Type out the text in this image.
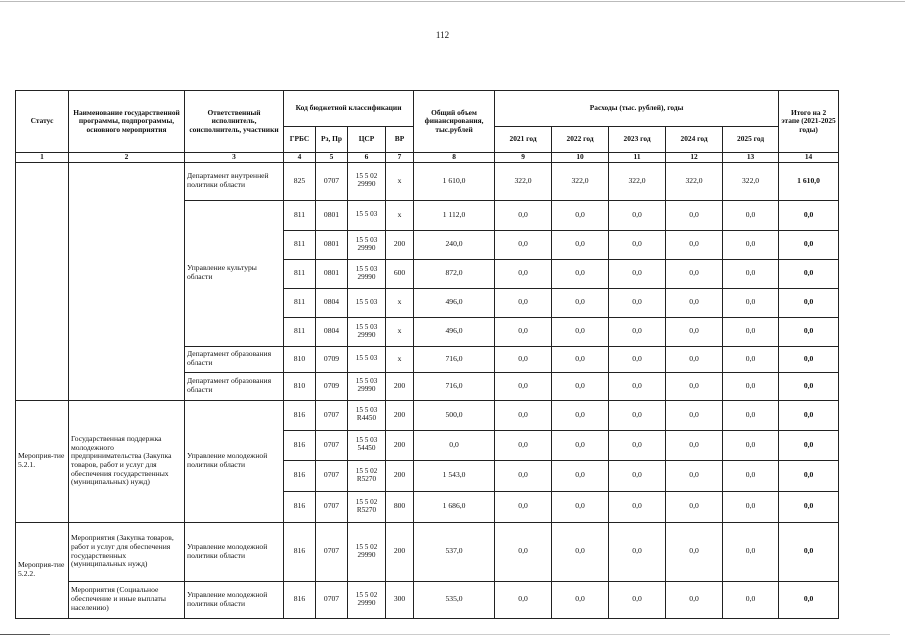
112
Статус	Наименование государственной программы, подпрограммы, основного мероприятия	Ответственный исполнитель, соисполнитель, участники	Код бюджетной классификации				Общий объем финансирования, тыс.рублей	Расходы (тыс. рублей), годы					Итого на 2 этапе (2021-2025 годы)
			ГРБС	Рз, Пр	ЦСР	ВР		2021 год	2022 год	2023 год	2024 год	2025 год	
1	2	3	4	5	6	7	8	9	10	11	12	13	14
		Департамент внутренней политики области	825	0707	15 5 02 29990	х	1 610,0	322,0	322,0	322,0	322,0	322,0	1 610,0
		Управление культуры области	811	0801	15 5 03	х	1 112,0	0,0	0,0	0,0	0,0	0,0	0,0
			811	0801	15 5 03 29990	200	240,0	0,0	0,0	0,0	0,0	0,0	0,0
			811	0801	15 5 03 29990	600	872,0	0,0	0,0	0,0	0,0	0,0	0,0
			811	0804	15 5 03	х	496,0	0,0	0,0	0,0	0,0	0,0	0,0
			811	0804	15 5 03 29990	х	496,0	0,0	0,0	0,0	0,0	0,0	0,0
		Департамент образования области	810	0709	15 5 03	х	716,0	0,0	0,0	0,0	0,0	0,0	0,0
		Департамент образования области	810	0709	15 5 03 29990	200	716,0	0,0	0,0	0,0	0,0	0,0	0,0
Мероприя-тие 5.2.1.	Государственная поддержка молодежного предпринимательства (Закупка товаров, работ и услуг для обеспечения государственных (муниципальных) нужд)	Управление молодежной политики области	816	0707	15 5 03 R4450	200	500,0	0,0	0,0	0,0	0,0	0,0	0,0
			816	0707	15 5 03 54450	200	0,0	0,0	0,0	0,0	0,0	0,0	0,0
			816	0707	15 5 02 R5270	200	1 543,0	0,0	0,0	0,0	0,0	0,0	0,0
			816	0707	15 5 02 R5270	800	1 686,0	0,0	0,0	0,0	0,0	0,0	0,0
Мероприя-тие 5.2.2.	Мероприятия (Закупка товаров, работ и услуг для обеспечения государственных (муниципальных нужд)	Управление молодежной политики области	816	0707	15 5 02 29990	200	537,0	0,0	0,0	0,0	0,0	0,0	0,0
	Мероприятия (Социальное обеспечение и иные выплаты населению)	Управление молодежной политики области	816	0707	15 5 02 29990	300	535,0	0,0	0,0	0,0	0,0	0,0	0,0
